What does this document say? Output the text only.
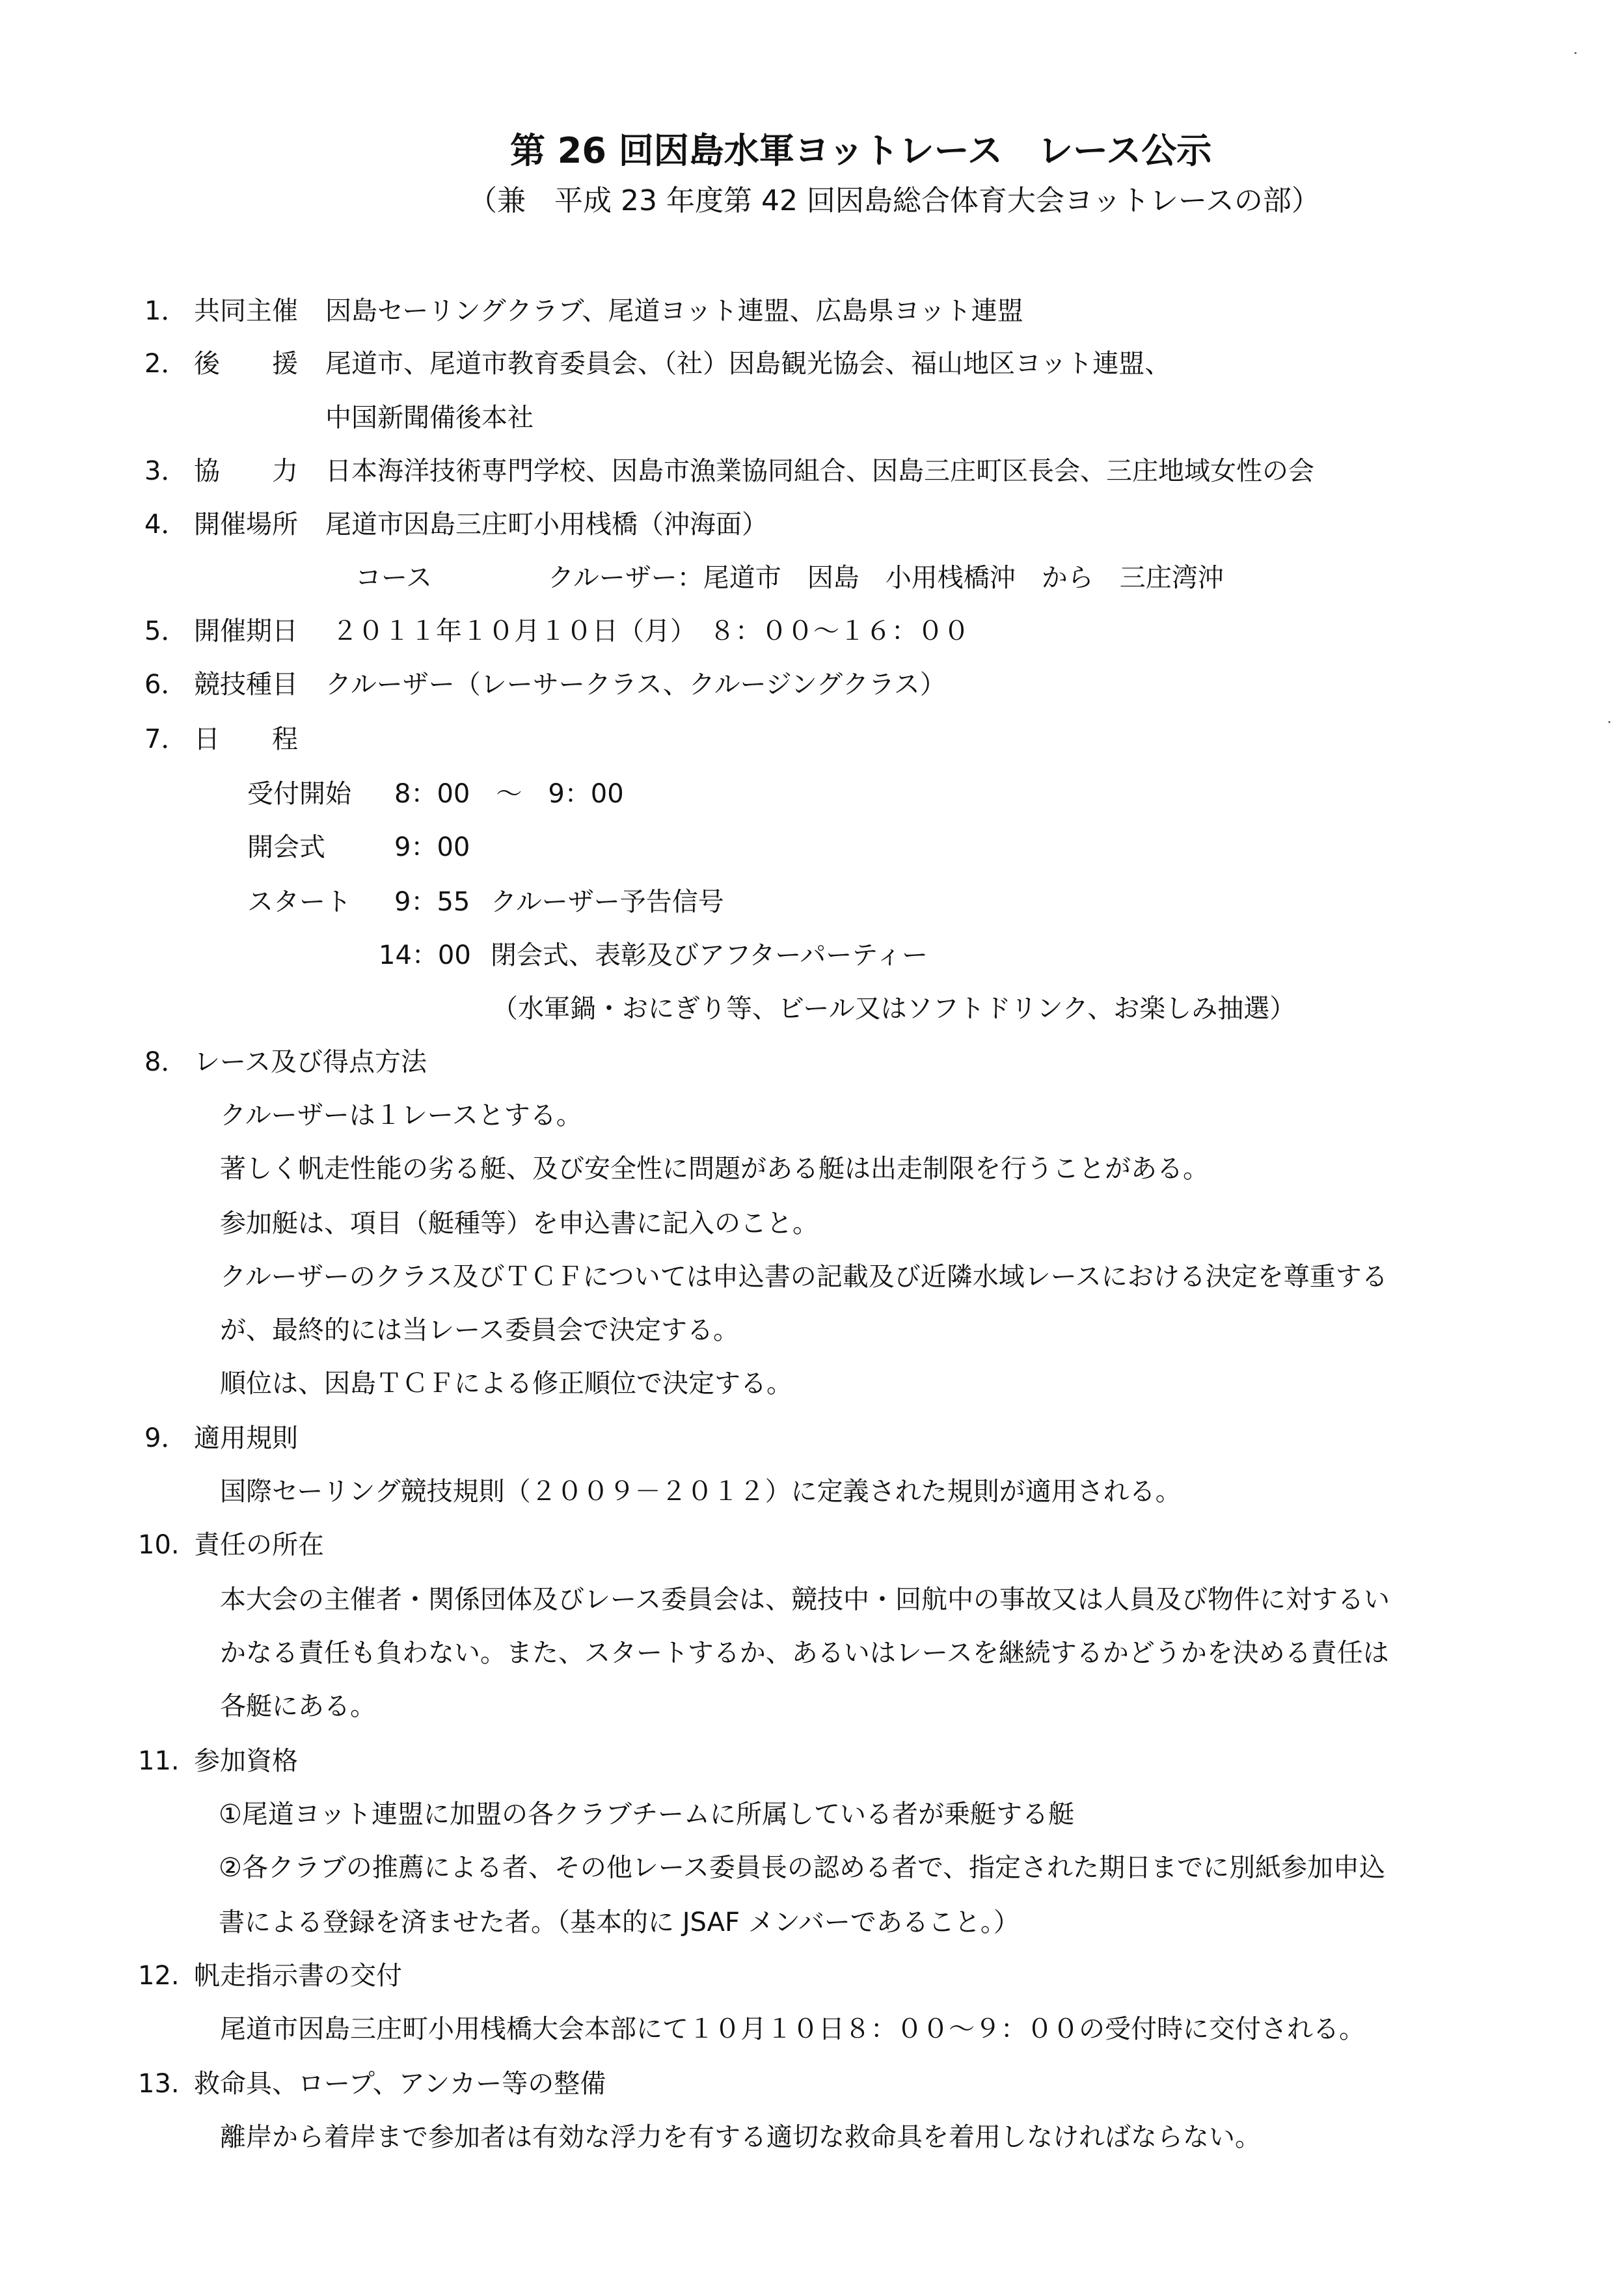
第 26 回因島水軍ヨットレース　レース公示
（兼　平成 23 年度第 42 回因島総合体育大会ヨットレースの部）
1． 共同主催 因島セーリングクラブ、尾道ヨット連盟、広島県ヨット連盟
2． 後　　援 尾道市、尾道市教育委員会、（社）因島観光協会、福山地区ヨット連盟、
中国新聞備後本社
3． 協　　力 日本海洋技術専門学校、因島市漁業協同組合、因島三庄町区長会、三庄地域女性の会
4． 開催場所 尾道市因島三庄町小用桟橋（沖海面）
コース	クルーザー：尾道市　因島　小用桟橋沖　から　三庄湾沖
5． 開催期日 ２０１１年１０月１０日（月）　８：００～１６：００
6． 競技種目 クルーザー（レーサークラス、クルージングクラス）
7． 日　　程
受付開始 8：00　～　9：00
開会式	9：00
スタート 9：55 クルーザー予告信号
14：00 閉会式、表彰及びアフターパーティー
（水軍鍋・おにぎり等、ビール又はソフトドリンク、お楽しみ抽選）
8． レース及び得点方法
クルーザーは１レースとする。
著しく帆走性能の劣る艇、及び安全性に問題がある艇は出走制限を行うことがある。
参加艇は、項目（艇種等）を申込書に記入のこと。
クルーザーのクラス及びＴＣＦについては申込書の記載及び近隣水域レースにおける決定を尊重する
が、最終的には当レース委員会で決定する。
順位は、因島ＴＣＦによる修正順位で決定する。
9． 適用規則
国際セーリング競技規則（２００９－２０１２）に定義された規則が適用される。
10. 責任の所在
本大会の主催者・関係団体及びレース委員会は、競技中・回航中の事故又は人員及び物件に対するい
かなる責任も負わない。また、スタートするか、あるいはレースを継続するかどうかを決める責任は
各艇にある。
11. 参加資格
①尾道ヨット連盟に加盟の各クラブチームに所属している者が乗艇する艇
②各クラブの推薦による者、その他レース委員長の認める者で、指定された期日までに別紙参加申込
書による登録を済ませた者。（基本的に JSAF メンバーであること。）
12. 帆走指示書の交付
尾道市因島三庄町小用桟橋大会本部にて１０月１０日８：００～９：００の受付時に交付される。
13. 救命具、ロープ、アンカー等の整備
離岸から着岸まで参加者は有効な浮力を有する適切な救命具を着用しなければならない。
